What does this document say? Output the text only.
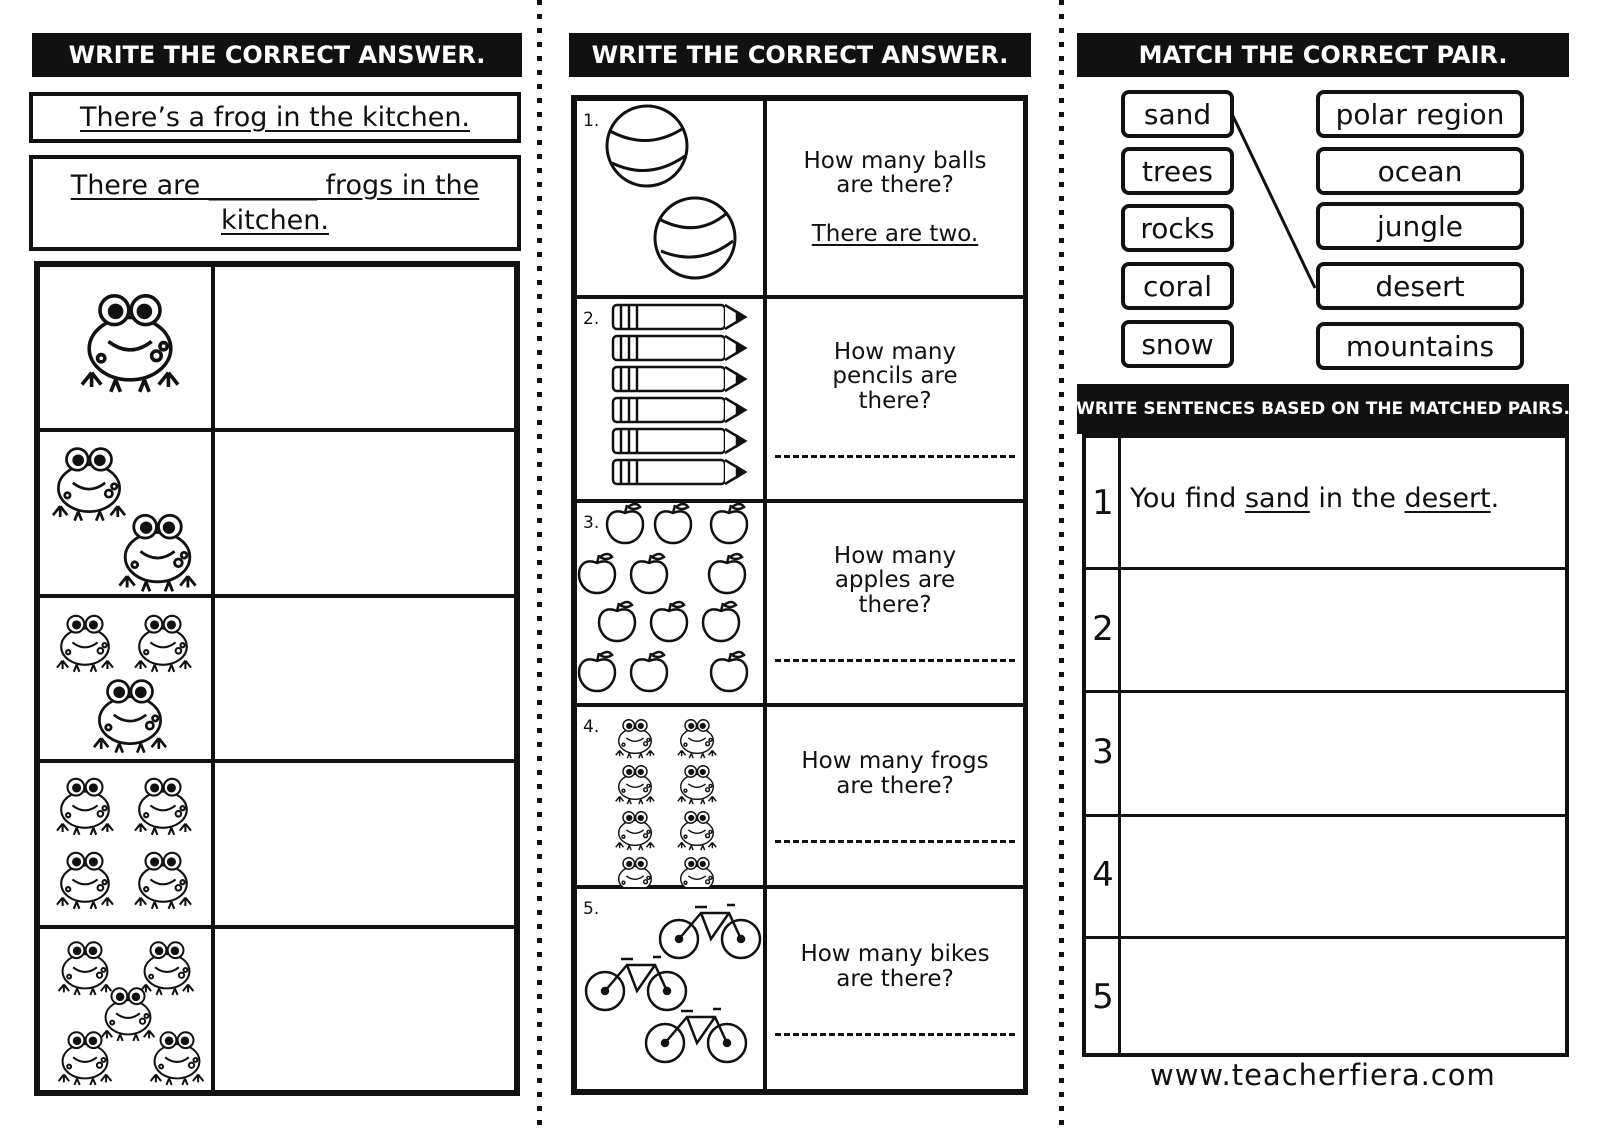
WRITE THE CORRECT ANSWER.
There’s a frog in the kitchen.
There are ________ frogs in the kitchen.
WRITE THE CORRECT ANSWER.
1.
How many balls are there?
There are two.
2.
How many pencils are there?
3.
How many apples are there?
4.
How many frogs are there?
5.
How many bikes are there?
MATCH THE CORRECT PAIR.
sand
trees
rocks
coral
snow
polar region
ocean
jungle
desert
mountains
WRITE SENTENCES BASED ON THE MATCHED PAIRS.
1
2
3
4
5
You find sand in the desert.
www.teacherfiera.com
